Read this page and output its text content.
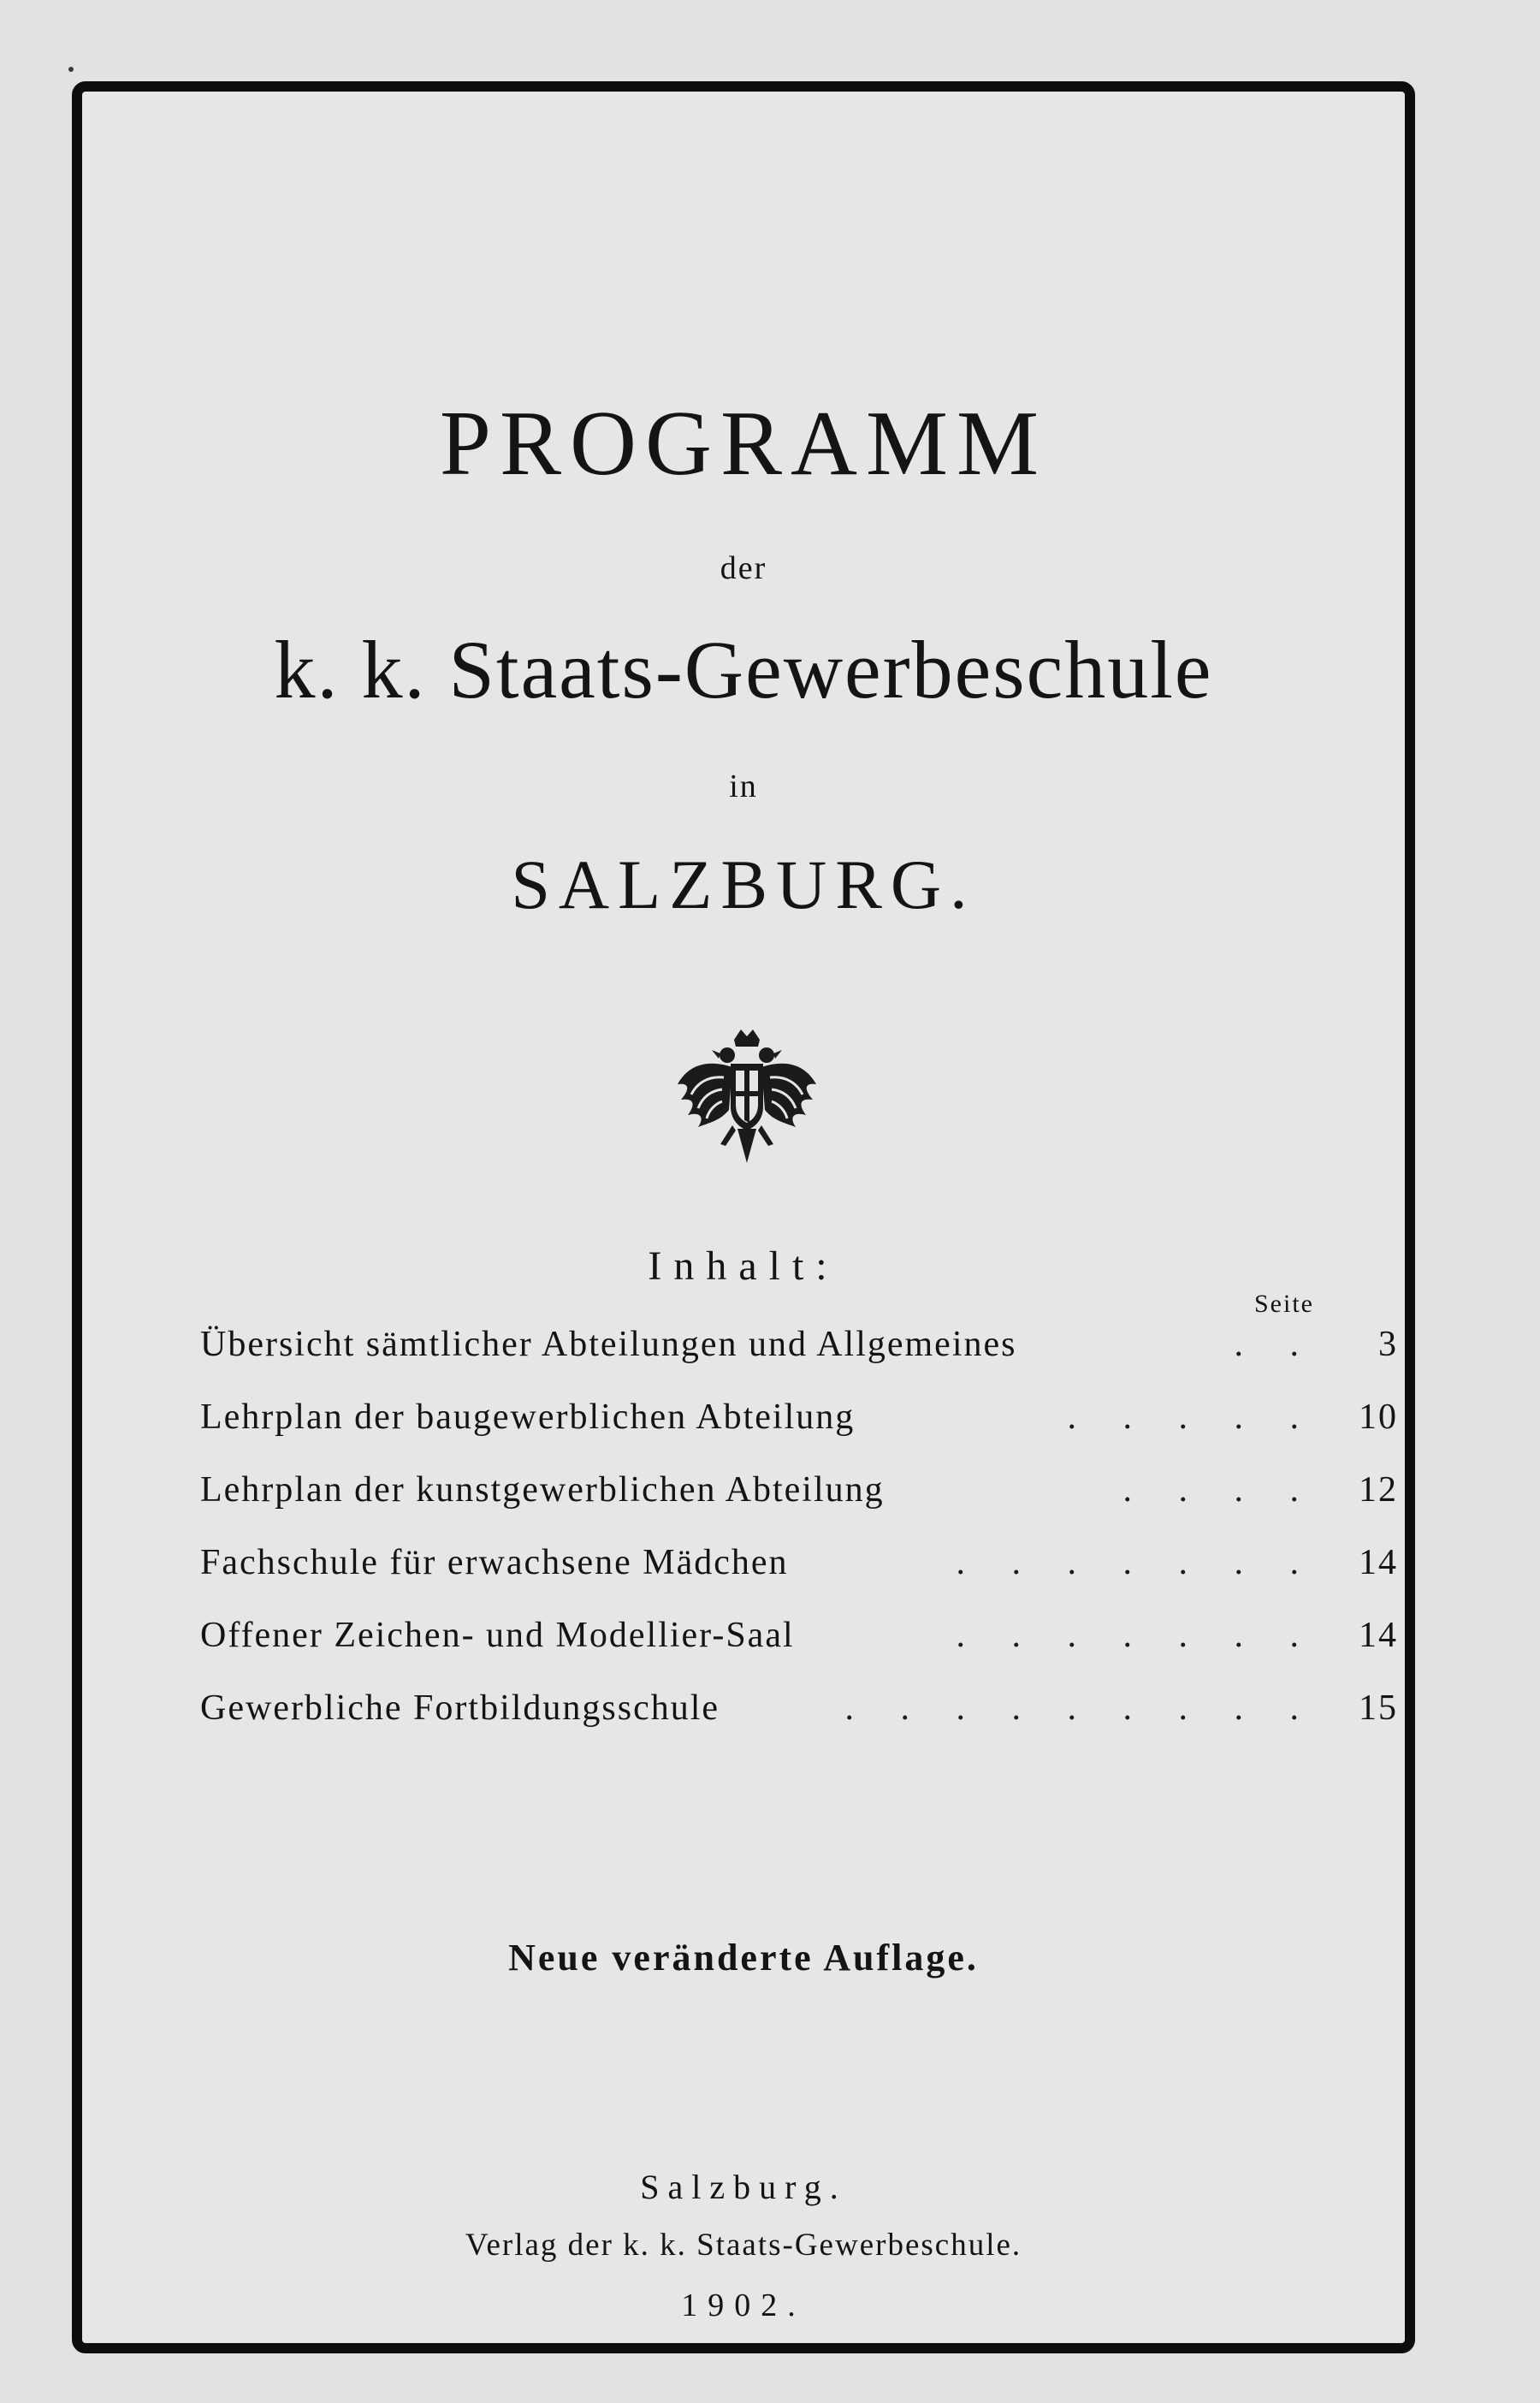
PROGRAMM
der
k. k. Staats-Gewerbeschule
in
SALZBURG.
Inhalt:
Seite
Übersicht sämtlicher Abteilungen und Allgemeines	. .	3
Lehrplan der baugewerblichen Abteilung	. . . . .	10
Lehrplan der kunstgewerblichen Abteilung	. . . .	12
Fachschule für erwachsene Mädchen	. . . . . . .	14
Offener Zeichen- und Modellier-Saal	. . . . . . .	14
Gewerbliche Fortbildungsschule	. . . . . . . . .	15
Neue veränderte Auflage.
Salzburg.
Verlag der k. k. Staats-Gewerbeschule.
1902.
